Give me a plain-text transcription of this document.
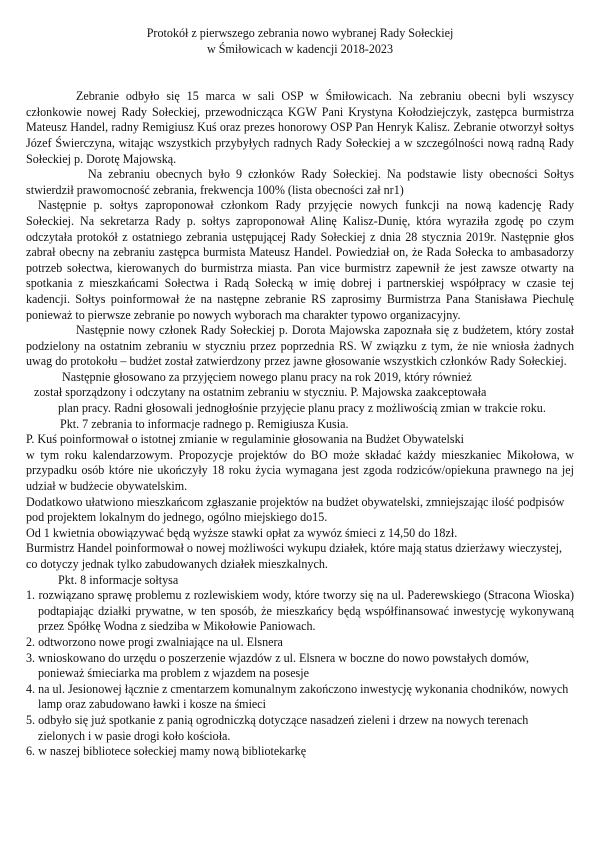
Protokół z pierwszego zebrania nowo wybranej Rady Sołeckiej

w Śmiłowicach w kadencji 2018-2023

Zebranie odbyło się 15 marca w sali OSP w Śmiłowicach. Na zebraniu obecni byli wszyscy członkowie nowej Rady Sołeckiej, przewodnicząca KGW Pani Krystyna Kołodziejczyk, zastępca burmistrza Mateusz Handel, radny Remigiusz Kuś oraz prezes honorowy OSP Pan Henryk Kalisz. Zebranie otworzył sołtys Józef Świerczyna, witając wszystkich przybyłych radnych Rady Sołeckiej a w szczególności nową radną Rady Sołeckiej p. Dorotę Majowską.

Na zebraniu obecnych było 9 członków Rady Sołeckiej. Na podstawie listy obecności Sołtys stwierdził prawomocność zebrania, frekwencja 100% (lista obecności zał nr1)

Następnie p. sołtys zaproponował członkom Rady przyjęcie nowych funkcji na nową kadencję Rady Sołeckiej. Na sekretarza Rady p. sołtys zaproponował Alinę Kalisz-Dunię, która wyraziła zgodę po czym odczytała protokół z ostatniego zebrania ustępującej Rady Sołeckiej z dnia 28 stycznia 2019r. Następnie głos zabrał obecny na zebraniu zastępca burmista Mateusz Handel. Powiedział on, że Rada Sołecka to ambasadorzy potrzeb sołectwa, kierowanych do burmistrza miasta. Pan vice burmistrz zapewnił że jest zawsze otwarty na spotkania z mieszkańcami Sołectwa i Radą Sołecką w imię dobrej i partnerskiej współpracy w czasie tej kadencji. Sołtys poinformował że na następne zebranie RS zaprosimy Burmistrza Pana Stanisława Piechulę ponieważ to pierwsze zebranie po nowych wyborach ma charakter typowo organizacyjny.

Następnie nowy członek Rady Sołeckiej p. Dorota Majowska zapoznała się z budżetem, który został podzielony na ostatnim zebraniu w styczniu przez poprzednia RS. W związku z tym, że nie wniosła żadnych uwag do protokołu – budżet został zatwierdzony przez jawne głosowanie wszystkich członków Rady Sołeckiej.

Następnie głosowano za przyjęciem nowego planu pracy na rok 2019, który również

został sporządzony i odczytany na ostatnim zebraniu w styczniu. P. Majowska zaakceptowała

plan pracy. Radni głosowali jednogłośnie przyjęcie planu pracy z możliwością zmian w trakcie roku.

Pkt. 7 zebrania to informacje radnego p. Remigiusza Kusia.

P. Kuś poinformował o istotnej zmianie w regulaminie głosowania na Budżet Obywatelski

w tym roku kalendarzowym. Propozycje projektów do BO może składać każdy mieszkaniec Mikołowa, w przypadku osób które nie ukończyły 18 roku życia wymagana jest zgoda rodziców/opiekuna prawnego na jej udział w budżecie obywatelskim.

Dodatkowo ułatwiono mieszkańcom zgłaszanie projektów na budżet obywatelski, zmniejszając ilość podpisów pod projektem lokalnym do jednego, ogólno miejskiego do15.

Od 1 kwietnia obowiązywać będą wyższe stawki opłat za wywóz śmieci z 14,50 do 18zł.

Burmistrz Handel poinformował o nowej możliwości wykupu działek, które mają status dzierżawy wieczystej, co dotyczy jednak tylko zabudowanych działek mieszkalnych.

Pkt. 8 informacje sołtysa

1. rozwiązano sprawę problemu z rozlewiskiem wody, które tworzy się na ul. Paderewskiego (Stracona Wioska) podtapiając działki prywatne, w ten sposób, że mieszkańcy będą współfinansować inwestycję wykonywaną przez Spółkę Wodna z siedziba w Mikołowie Paniowach.

2. odtworzono nowe progi zwalniające na ul. Elsnera

3. wnioskowano do urzędu o poszerzenie wjazdów z ul. Elsnera w boczne do nowo powstałych domów, ponieważ śmieciarka ma problem z wjazdem na posesje

4. na ul. Jesionowej łącznie z cmentarzem komunalnym zakończono inwestycję wykonania chodników, nowych lamp oraz zabudowano ławki i kosze na śmieci

5. odbyło się już spotkanie z panią ogrodniczką dotyczące nasadzeń zieleni i drzew na nowych terenach zielonych i w pasie drogi koło kościoła.

6. w naszej bibliotece sołeckiej mamy nową bibliotekarkę
